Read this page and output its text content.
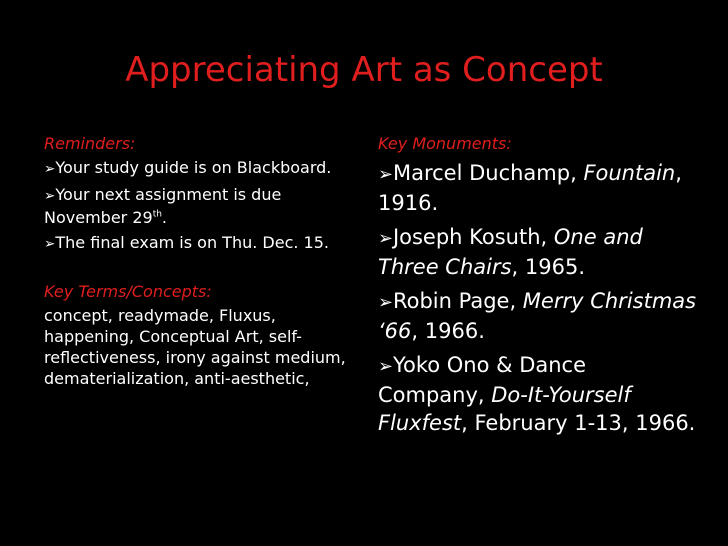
Appreciating Art as Concept
Reminders:
➢Your study guide is on Blackboard.
➢Your next assignment is due November 29th.
➢The final exam is on Thu. Dec. 15.
Key Terms/Concepts:
concept, readymade, Fluxus, happening, Conceptual Art, self-reflectiveness, irony against medium, dematerialization, anti-aesthetic,
Key Monuments:
➢Marcel Duchamp, Fountain, 1916.
➢Joseph Kosuth, One and Three Chairs, 1965.
➢Robin Page, Merry Christmas ‘66, 1966.
➢Yoko Ono & Dance Company, Do-It-Yourself Fluxfest, February 1-13, 1966.
